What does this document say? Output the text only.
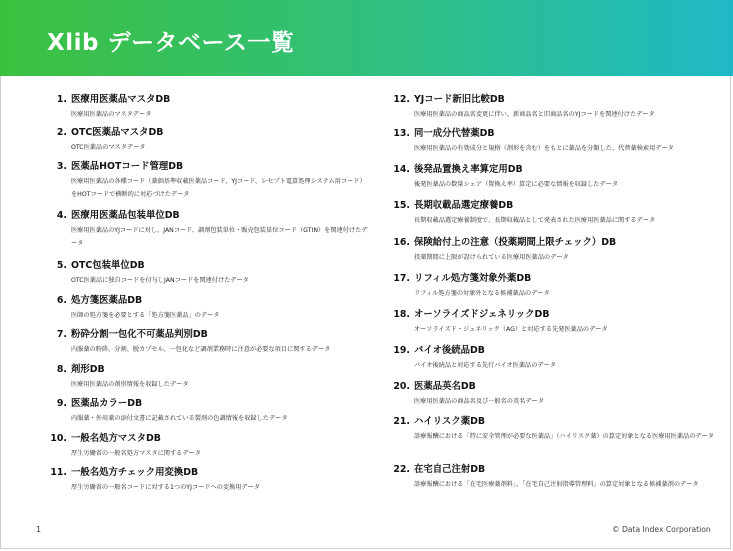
Xlib データベース一覧
1. 医療用医薬品マスタDB
医療用医薬品のマスタデータ
2. OTC医薬品マスタDB
OTC医薬品のマスタデータ
3. 医薬品HOTコード管理DB
医療用医薬品の各種コード（薬価基準収載医薬品コード、YJコード、レセプト電算処理システム用コード）をHOTコードで横断的に対応づけたデータ
4. 医療用医薬品包装単位DB
医療用医薬品のYJコードに対し、JANコード、調剤包装単位・販売包装単位コード（GTIN）を関連付けたデータ
5. OTC包装単位DB
OTC医薬品に独自コードを付与しJANコードを関連付けたデータ
6. 処方箋医薬品DB
医師の処方箋を必要とする「処方箋医薬品」のデータ
7. 粉砕分割一包化不可薬品判別DB
内服薬の粉砕、分割、脱カプセル、一包化など調剤業務時に注意が必要な項目に関するデータ
8. 剤形DB
医療用医薬品の剤形情報を収録したデータ
9. 医薬品カラーDB
内服薬・外用薬の添付文書に記載されている製剤の色調情報を収録したデータ
10. 一般名処方マスタDB
厚生労働省の一般名処方マスタに関するデータ
11. 一般名処方チェック用変換DB
厚生労働省の一般名コードに対する1つのYJコードへの変換用データ
12. YJコード新旧比較DB
医療用医薬品の商品名変更に伴い、新商品名と旧商品名のYJコードを関連付けたデータ
13. 同一成分代替薬DB
医療用医薬品の有効成分と規格（剤形を含む）をもとに薬品を分類した、代替薬検索用データ
14. 後発品置換え率算定用DB
後発医薬品の数量シェア（置換え率）算定に必要な情報を収録したデータ
15. 長期収載品選定療養DB
長期収載品選定療養制度で、長期収載品として発表された医療用医薬品に関するデータ
16. 保険給付上の注意（投薬期間上限チェック）DB
投薬期間に上限が設けられている医療用医薬品のデータ
17. リフィル処方箋対象外薬DB
リフィル処方箋の対象外となる候補薬品のデータ
18. オーソライズドジェネリックDB
オーソライズド・ジェネリック（AG）と対応する先発医薬品のデータ
19. バイオ後続品DB
バイオ後続品と対応する先行バイオ医薬品のデータ
20. 医薬品英名DB
医療用医薬品の商品名及び一般名の英名データ
21. ハイリスク薬DB
診療報酬における「特に安全管理が必要な医薬品」（ハイリスク薬）の算定対象となる医療用医薬品のデータ
22. 在宅自己注射DB
診療報酬における「在宅医療薬剤料」、「在宅自己注射指導管理料」の算定対象となる候補薬剤のデータ
1	© Data Index Corporation
